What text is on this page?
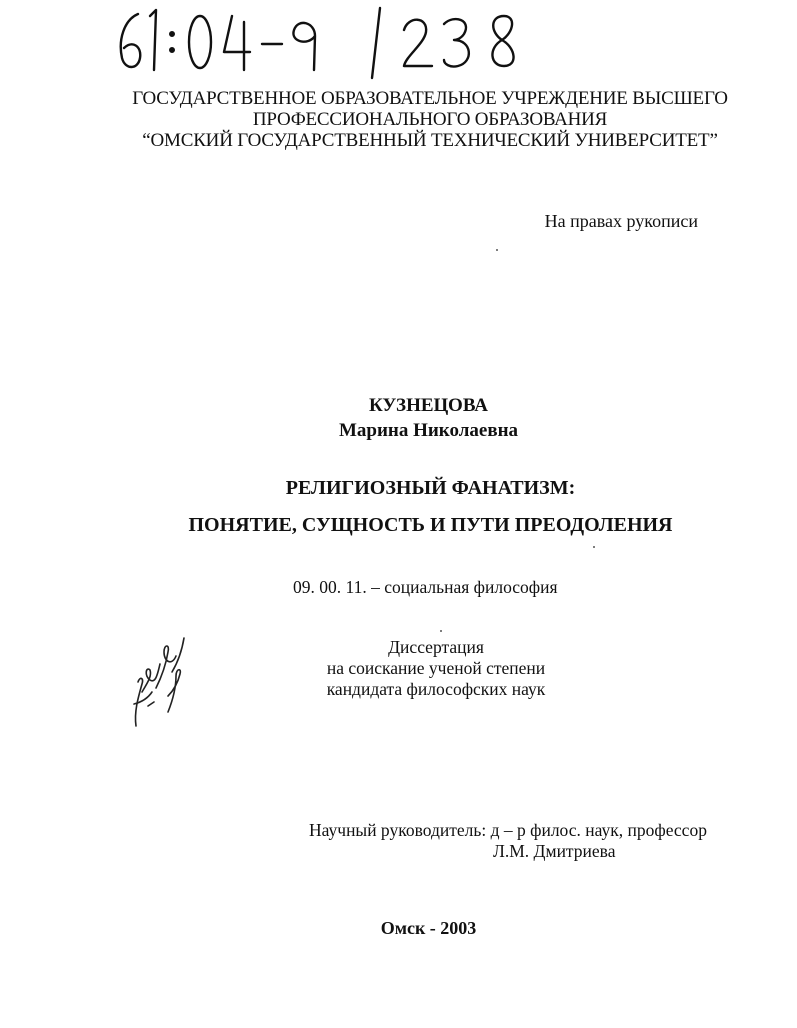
ГОСУДАРСТВЕННОЕ ОБРАЗОВАТЕЛЬНОЕ УЧРЕЖДЕНИЕ ВЫСШЕГО
ПРОФЕССИОНАЛЬНОГО ОБРАЗОВАНИЯ
“ОМСКИЙ ГОСУДАРСТВЕННЫЙ ТЕХНИЧЕСКИЙ УНИВЕРСИТЕТ”
На правах рукописи
КУЗНЕЦОВА
Марина Николаевна
РЕЛИГИОЗНЫЙ ФАНАТИЗМ:
ПОНЯТИЕ, СУЩНОСТЬ И ПУТИ ПРЕОДОЛЕНИЯ
09. 00. 11. – социальная философия
Диссертация
на соискание ученой степени
кандидата философских наук
Научный руководитель: д – р филос. наук, профессор
Л.М. Дмитриева
Омск - 2003
